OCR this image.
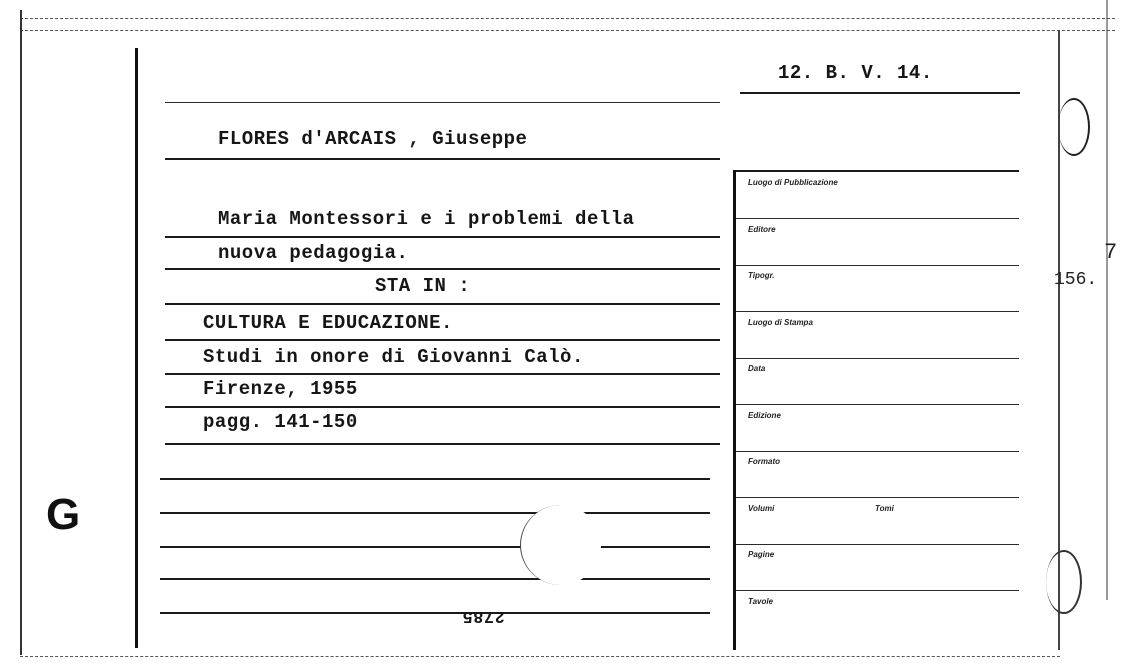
G
12. B. V. 14.
FLORES d'ARCAIS , Giuseppe
Maria Montessori e i problemi della
nuova pedagogia.
STA IN :
CULTURA E EDUCAZIONE.
Studi in onore di Giovanni Calò.
Firenze, 1955
pagg. 141-150
2785
Luogo di Pubblicazione
Editore
Tipogr.
Luogo di Stampa
Data
Edizione
Formato
Volumi	Tomi
Pagine
Tavole
156.
7
